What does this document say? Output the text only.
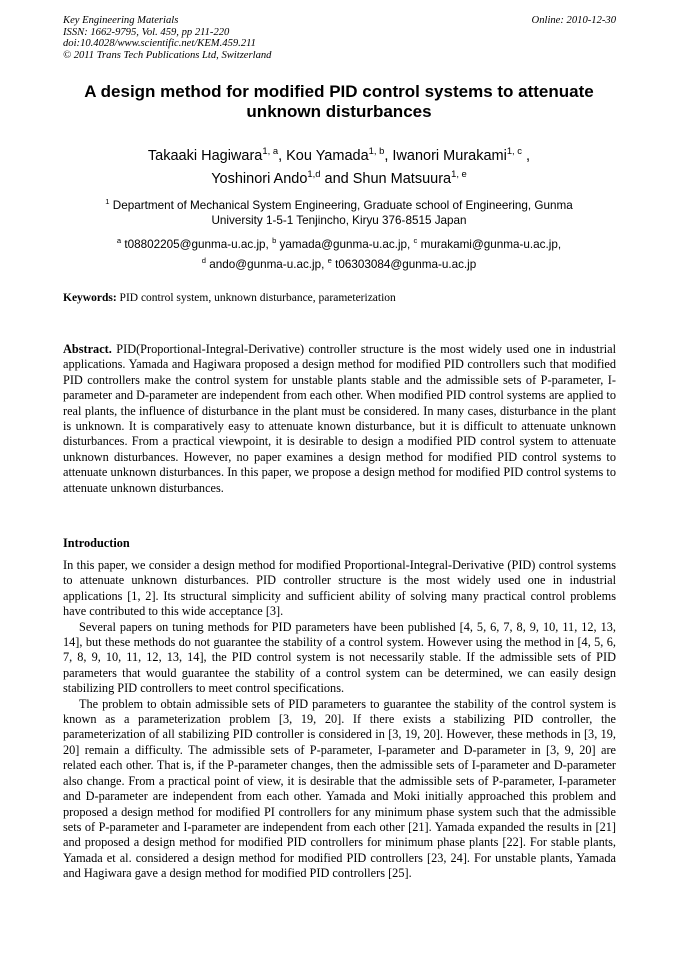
Key Engineering Materials
ISSN: 1662-9795, Vol. 459, pp 211-220
doi:10.4028/www.scientific.net/KEM.459.211
© 2011 Trans Tech Publications Ltd, Switzerland
Online: 2010-12-30
A design method for modified PID control systems to attenuate
unknown disturbances
Takaaki Hagiwara$^{1, a}$, Kou Yamada$^{1, b}$, Iwanori Murakami$^{1, c}$ ,
Yoshinori Ando$^{1,d}$ and Shun Matsuura$^{1, e}$
$^1$ Department of Mechanical System Engineering, Graduate school of Engineering, Gunma
University 1-5-1 Tenjincho, Kiryu 376-8515 Japan
$^a$ t08802205@gunma-u.ac.jp, $^b$ yamada@gunma-u.ac.jp, $^c$ murakami@gunma-u.ac.jp,
$^d$ ando@gunma-u.ac.jp, $^e$ t06303084@gunma-u.ac.jp
Keywords: PID control system, unknown disturbance, parameterization

Abstract. PID(Proportional-Integral-Derivative) controller structure is the most widely used one in industrial applications. Yamada and Hagiwara proposed a design method for modified PID controllers such that modified PID controllers make the control system for unstable plants stable and the admissible sets of P-parameter, I-parameter and D-parameter are independent from each other. When modified PID control systems are applied to real plants, the influence of disturbance in the plant must be considered. In many cases, disturbance in the plant is unknown. It is comparatively easy to attenuate known disturbance, but it is difficult to attenuate unknown disturbances. From a practical viewpoint, it is desirable to design a modified PID control system to attenuate unknown disturbances. However, no paper examines a design method for modified PID control systems to attenuate unknown disturbances. In this paper, we propose a design method for modified PID control systems to attenuate unknown disturbances.

Introduction

In this paper, we consider a design method for modified Proportional-Integral-Derivative (PID) control systems to attenuate unknown disturbances. PID controller structure is the most widely used one in industrial applications [1, 2]. Its structural simplicity and sufficient ability of solving many practical control problems have contributed to this wide acceptance [3].

Several papers on tuning methods for PID parameters have been published [4, 5, 6, 7, 8, 9, 10, 11, 12, 13, 14], but these methods do not guarantee the stability of a control system. However using the method in [4, 5, 6, 7, 8, 9, 10, 11, 12, 13, 14], the PID control system is not necessarily stable. If the admissible sets of PID parameters that would guarantee the stability of a control system can be determined, we can easily design stabilizing PID controllers to meet control specifications.

The problem to obtain admissible sets of PID parameters to guarantee the stability of the control system is known as a parameterization problem [3, 19, 20]. If there exists a stabilizing PID controller, the parameterization of all stabilizing PID controller is considered in [3, 19, 20]. However, these methods in [3, 19, 20] remain a difficulty. The admissible sets of P-parameter, I-parameter and D-parameter in [3, 9, 20] are related each other. That is, if the P-parameter changes, then the admissible sets of I-parameter and D-parameter also change. From a practical point of view, it is desirable that the admissible sets of P-parameter, I-parameter and D-parameter are independent from each other. Yamada and Moki initially approached this problem and proposed a design method for modified PI controllers for any minimum phase system such that the admissible sets of P-parameter and I-parameter are independent from each other [21]. Yamada expanded the results in [21] and proposed a design method for modified PID controllers for minimum phase plants [22]. For stable plants, Yamada et al. considered a design method for modified PID controllers [23, 24]. For unstable plants, Yamada and Hagiwara gave a design method for modified PID controllers [25].
